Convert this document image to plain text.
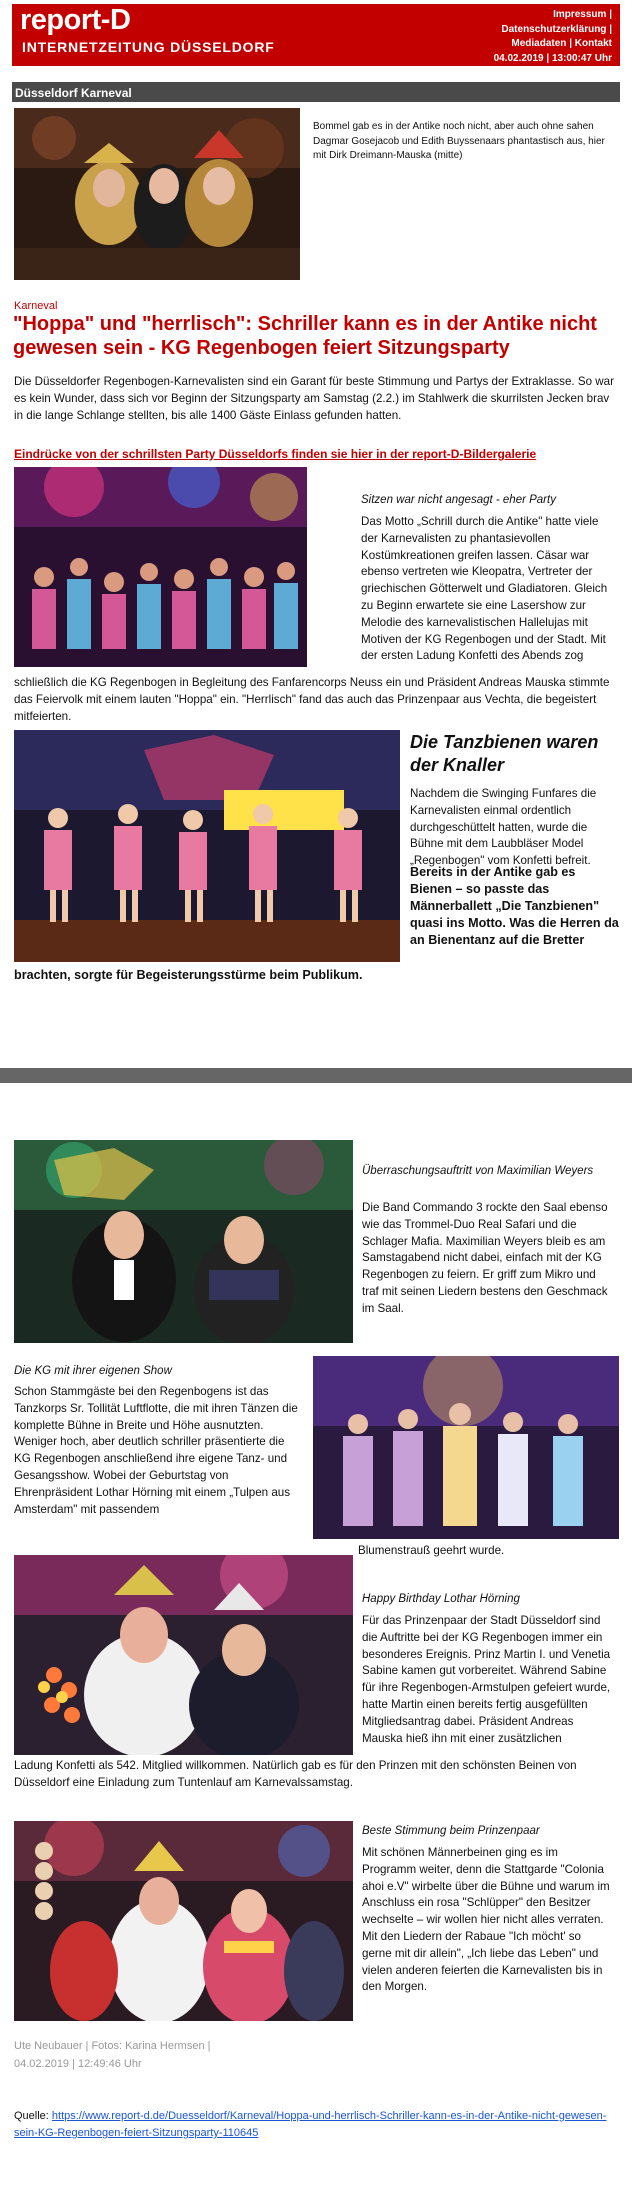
report-D
INTERNETZEITUNG DÜSSELDORF
Impressum |
Datenschutzerklärung |
Mediadaten | Kontakt
04.02.2019 | 13:00:47 Uhr
Düsseldorf Karneval
Bommel gab es in der Antike noch nicht, aber auch ohne sahen Dagmar Gosejacob und Edith Buyssenaars phantastisch aus, hier mit Dirk Dreimann-Mauska (mitte)
Karneval
"Hoppa" und "herrlisch": Schriller kann es in der Antike nicht gewesen sein - KG Regenbogen feiert Sitzungsparty

Die Düsseldorfer Regenbogen-Karnevalisten sind ein Garant für beste Stimmung und Partys der Extraklasse. So war es kein Wunder, dass sich vor Beginn der Sitzungsparty am Samstag (2.2.) im Stahlwerk die skurrilsten Jecken brav in die lange Schlange stellten, bis alle 1400 Gäste Einlass gefunden hatten.

Eindrücke von der schrillsten Party Düsseldorfs finden sie hier in der report-D-Bildergalerie
Sitzen war nicht angesagt - eher Party

Das Motto „Schrill durch die Antike" hatte viele der Karnevalisten zu phantasievollen Kostümkreationen greifen lassen. Cäsar war ebenso vertreten wie Kleopatra, Vertreter der griechischen Götterwelt und Gladiatoren. Gleich zu Beginn erwartete sie eine Lasershow zur Melodie des karnevalistischen Hallelujas mit Motiven der KG Regenbogen und der Stadt. Mit der ersten Ladung Konfetti des Abends zog

schließlich die KG Regenbogen in Begleitung des Fanfarencorps Neuss ein und Präsident Andreas Mauska stimmte das Feiervolk mit einem lauten "Hoppa" ein. "Herrlisch" fand das auch das Prinzenpaar aus Vechta, die begeistert mitfeierten.

Die Tanzbienen waren der Knaller

Nachdem die Swinging Funfares die Karnevalisten einmal ordentlich durchgeschüttelt hatten, wurde die Bühne mit dem Laubbläser Model „Regenbogen" vom Konfetti befreit.

Bereits in der Antike gab es Bienen – so passte das Männerballett „Die Tanzbienen" quasi ins Motto. Was die Herren da an Bienentanz auf die Bretter

brachten, sorgte für Begeisterungsstürme beim Publikum.

Überraschungsauftritt von Maximilian Weyers

Die Band Commando 3 rockte den Saal ebenso wie das Trommel-Duo Real Safari und die Schlager Mafia. Maximilian Weyers bleib es am Samstagabend nicht dabei, einfach mit der KG Regenbogen zu feiern. Er griff zum Mikro und traf mit seinen Liedern bestens den Geschmack im Saal.

Die KG mit ihrer eigenen Show

Schon Stammgäste bei den Regenbogens ist das Tanzkorps Sr. Tollität Luftflotte, die mit ihren Tänzen die komplette Bühne in Breite und Höhe ausnutzten. Weniger hoch, aber deutlich schriller präsentierte die KG Regenbogen anschließend ihre eigene Tanz- und Gesangsshow. Wobei der Geburtstag von Ehrenpräsident Lothar Hörning mit einem „Tulpen aus Amsterdam" mit passendem

Blumenstrauß geehrt wurde.

Happy Birthday Lothar Hörning

Für das Prinzenpaar der Stadt Düsseldorf sind die Auftritte bei der KG Regenbogen immer ein besonderes Ereignis. Prinz Martin I. und Venetia Sabine kamen gut vorbereitet. Während Sabine für ihre Regenbogen-Armstulpen gefeiert wurde, hatte Martin einen bereits fertig ausgefüllten Mitgliedsantrag dabei. Präsident Andreas Mauska hieß ihn mit einer zusätzlichen

Ladung Konfetti als 542. Mitglied willkommen. Natürlich gab es für den Prinzen mit den schönsten Beinen von Düsseldorf eine Einladung zum Tuntenlauf am Karnevalssamstag.

Beste Stimmung beim Prinzenpaar

Mit schönen Männerbeinen ging es im Programm weiter, denn die Stattgarde "Colonia ahoi e.V" wirbelte über die Bühne und warum im Anschluss ein rosa "Schlüpper" den Besitzer wechselte – wir wollen hier nicht alles verraten. Mit den Liedern der Rabaue "Ich möcht' so gerne mit dir allein", „Ich liebe das Leben" und vielen anderen feierten die Karnevalisten bis in den Morgen.

Ute Neubauer | Fotos: Karina Hermsen |
04.02.2019 | 12:49:46 Uhr
Quelle: https://www.report-d.de/Duesseldorf/Karneval/Hoppa-und-herrlisch-Schriller-kann-es-in-der-Antike-nicht-gewesen-sein-KG-Regenbogen-feiert-Sitzungsparty-110645
